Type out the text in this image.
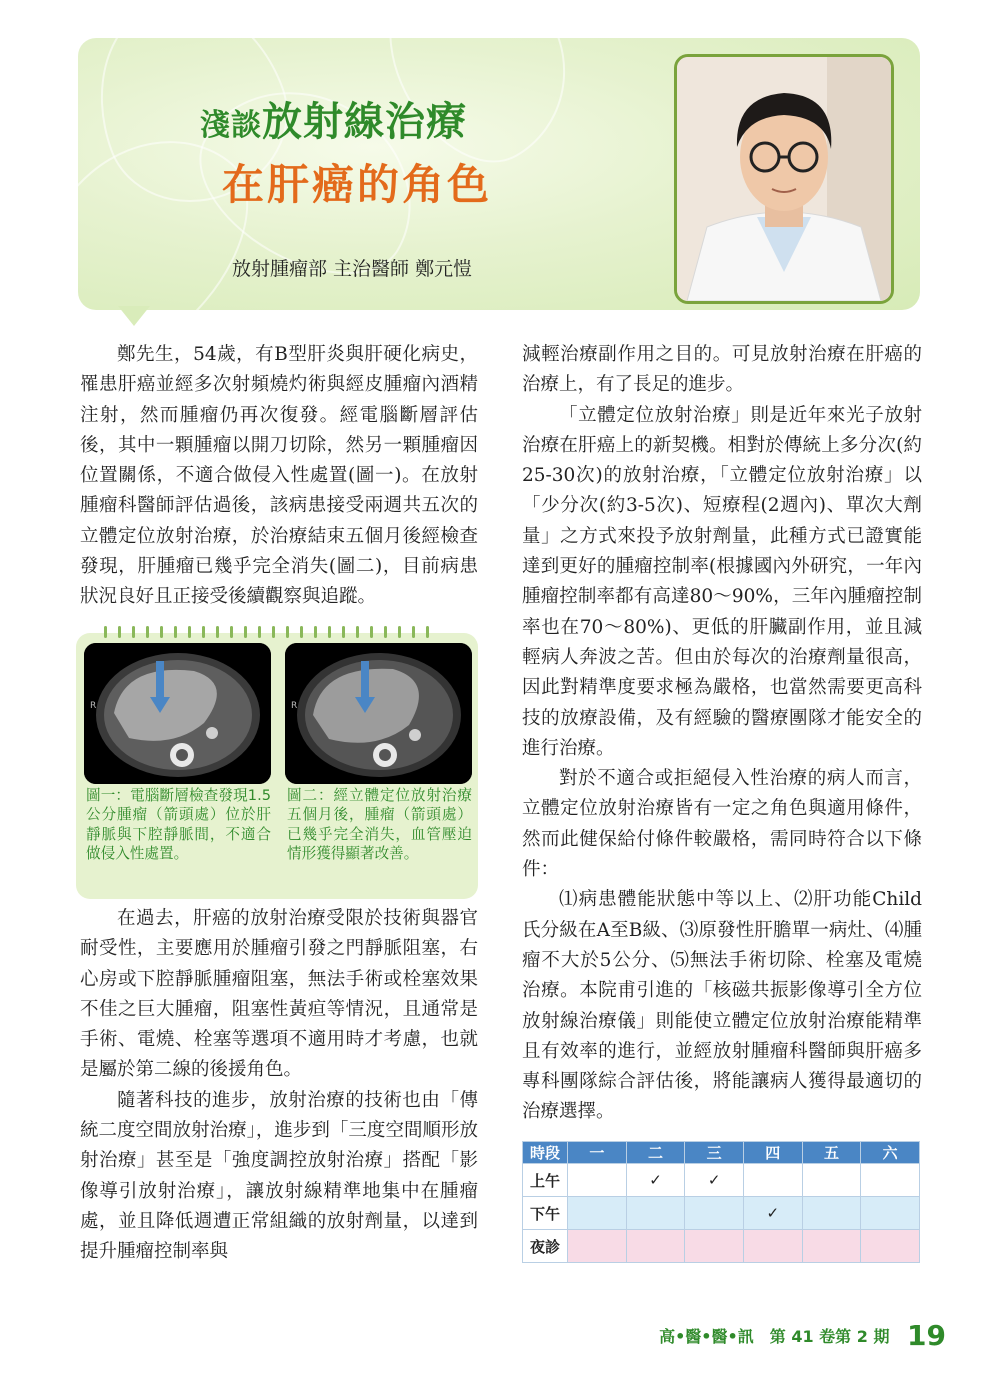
淺談放射線治療
在肝癌的角色
放射腫瘤部 主治醫師 鄭元愷

鄭先生，54歲，有B型肝炎與肝硬化病史，罹患肝癌並經多次射頻燒灼術與經皮腫瘤內酒精注射，然而腫瘤仍再次復發。經電腦斷層評估後，其中一顆腫瘤以開刀切除，然另一顆腫瘤因位置關係，不適合做侵入性處置(圖一)。在放射腫瘤科醫師評估過後，該病患接受兩週共五次的立體定位放射治療，於治療結束五個月後經檢查發現，肝腫瘤已幾乎完全消失(圖二)，目前病患狀況良好且正接受後續觀察與追蹤。

R	R
圖一：電腦斷層檢查發現1.5公分腫瘤（箭頭處）位於肝靜脈與下腔靜脈間，不適合做侵入性處置。
圖二：經立體定位放射治療五個月後，腫瘤（箭頭處）已幾乎完全消失，血管壓迫情形獲得顯著改善。

在過去，肝癌的放射治療受限於技術與器官耐受性，主要應用於腫瘤引發之門靜脈阻塞，右心房或下腔靜脈腫瘤阻塞，無法手術或栓塞效果不佳之巨大腫瘤，阻塞性黃疸等情況，且通常是手術、電燒、栓塞等選項不適用時才考慮，也就是屬於第二線的後援角色。

隨著科技的進步，放射治療的技術也由「傳統二度空間放射治療」，進步到「三度空間順形放射治療」甚至是「強度調控放射治療」搭配「影像導引放射治療」，讓放射線精準地集中在腫瘤處，並且降低週遭正常組織的放射劑量，以達到提升腫瘤控制率與

減輕治療副作用之目的。可見放射治療在肝癌的治療上，有了長足的進步。

「立體定位放射治療」則是近年來光子放射治療在肝癌上的新契機。相對於傳統上多分次(約25-30次)的放射治療，「立體定位放射治療」以「少分次(約3-5次)、短療程(2週內)、單次大劑量」之方式來投予放射劑量，此種方式已證實能達到更好的腫瘤控制率(根據國內外研究，一年內腫瘤控制率都有高達80～90%，三年內腫瘤控制率也在70～80%)、更低的肝臟副作用，並且減輕病人奔波之苦。但由於每次的治療劑量很高，因此對精準度要求極為嚴格，也當然需要更高科技的放療設備，及有經驗的醫療團隊才能安全的進行治療。

對於不適合或拒絕侵入性治療的病人而言，立體定位放射治療皆有一定之角色與適用條件，然而此健保給付條件較嚴格，需同時符合以下條件：

⑴病患體能狀態中等以上、⑵肝功能Child氏分級在A至B級、⑶原發性肝膽單一病灶、⑷腫瘤不大於5公分、⑸無法手術切除、栓塞及電燒治療。本院甫引進的「核磁共振影像導引全方位放射線治療儀」則能使立體定位放射治療能精準且有效率的進行，並經放射腫瘤科醫師與肝癌多專科團隊綜合評估後，將能讓病人獲得最適切的治療選擇。

時段	一	二	三	四	五	六
上午		✓	✓			
下午				✓		
夜診						
高•醫•醫•訊　第 41 卷第 2 期 19
